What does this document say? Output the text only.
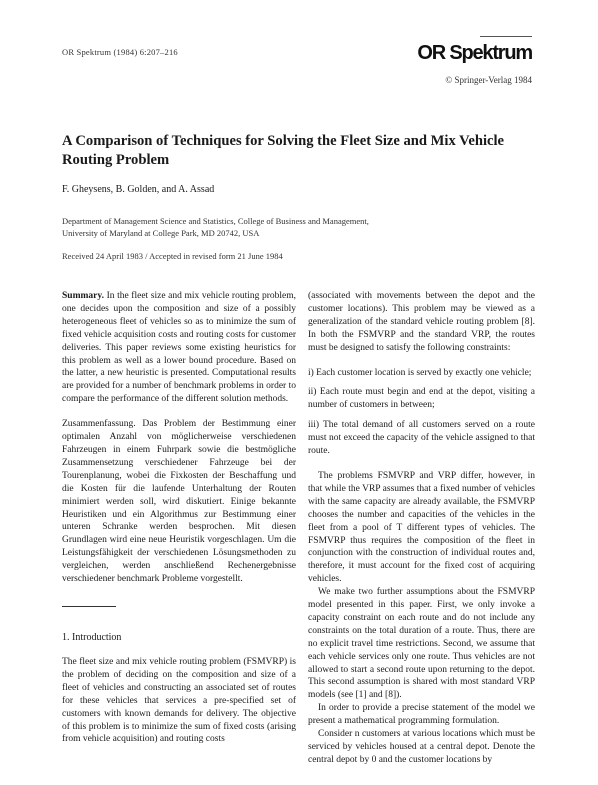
OR Spektrum (1984) 6:207–216	OR Spektrum
© Springer-Verlag 1984
A Comparison of Techniques for Solving the Fleet Size and Mix Vehicle Routing Problem
F. Gheysens, B. Golden, and A. Assad
Department of Management Science and Statistics, College of Business and Management,
University of Maryland at College Park, MD 20742, USA
Received 24 April 1983 / Accepted in revised form 21 June 1984

Summary. In the fleet size and mix vehicle routing problem, one decides upon the composition and size of a possibly heterogeneous fleet of vehicles so as to minimize the sum of fixed vehicle acquisition costs and routing costs for customer deliveries. This paper reviews some existing heuristics for this problem as well as a lower bound procedure. Based on the latter, a new heuristic is presented. Computational results are provided for a number of benchmark problems in order to compare the performance of the different solution methods.

Zusammenfassung. Das Problem der Bestimmung einer optimalen Anzahl von möglicherweise verschiedenen Fahrzeugen in einem Fuhrpark sowie die bestmögliche Zusammensetzung verschiedener Fahrzeuge bei der Tourenplanung, wobei die Fixkosten der Beschaffung und die Kosten für die laufende Unterhaltung der Routen minimiert werden soll, wird diskutiert. Einige bekannte Heuristiken und ein Algorithmus zur Bestimmung einer unteren Schranke werden besprochen. Mit diesen Grundlagen wird eine neue Heuristik vorgeschlagen. Um die Leistungsfähigkeit der verschiedenen Lösungsmethoden zu vergleichen, werden anschließend Rechenergebnisse verschiedener benchmark Probleme vorgestellt.

1. Introduction

The fleet size and mix vehicle routing problem (FSMVRP) is the problem of deciding on the composition and size of a fleet of vehicles and constructing an associated set of routes for these vehicles that services a pre-specified set of customers with known demands for delivery. The objective of this problem is to minimize the sum of fixed costs (arising from vehicle acquisition) and routing costs

(associated with movements between the depot and the customer locations). This problem may be viewed as a generalization of the standard vehicle routing problem [8]. In both the FSMVRP and the standard VRP, the routes must be designed to satisfy the following constraints:

i) Each customer location is served by exactly one vehicle;

ii) Each route must begin and end at the depot, visiting a number of customers in between;

iii) The total demand of all customers served on a route must not exceed the capacity of the vehicle assigned to that route.

The problems FSMVRP and VRP differ, however, in that while the VRP assumes that a fixed number of vehicles with the same capacity are already available, the FSMVRP chooses the number and capacities of the vehicles in the fleet from a pool of T different types of vehicles. The FSMVRP thus requires the composition of the fleet in conjunction with the construction of individual routes and, therefore, it must account for the fixed cost of acquiring vehicles.

We make two further assumptions about the FSMVRP model presented in this paper. First, we only invoke a capacity constraint on each route and do not include any constraints on the total duration of a route. Thus, there are no explicit travel time restrictions. Second, we assume that each vehicle services only one route. Thus vehicles are not allowed to start a second route upon returning to the depot. This second assumption is shared with most standard VRP models (see [1] and [8]).

In order to provide a precise statement of the model we present a mathematical programming formulation.

Consider n customers at various locations which must be serviced by vehicles housed at a central depot. Denote the central depot by 0 and the customer locations by
